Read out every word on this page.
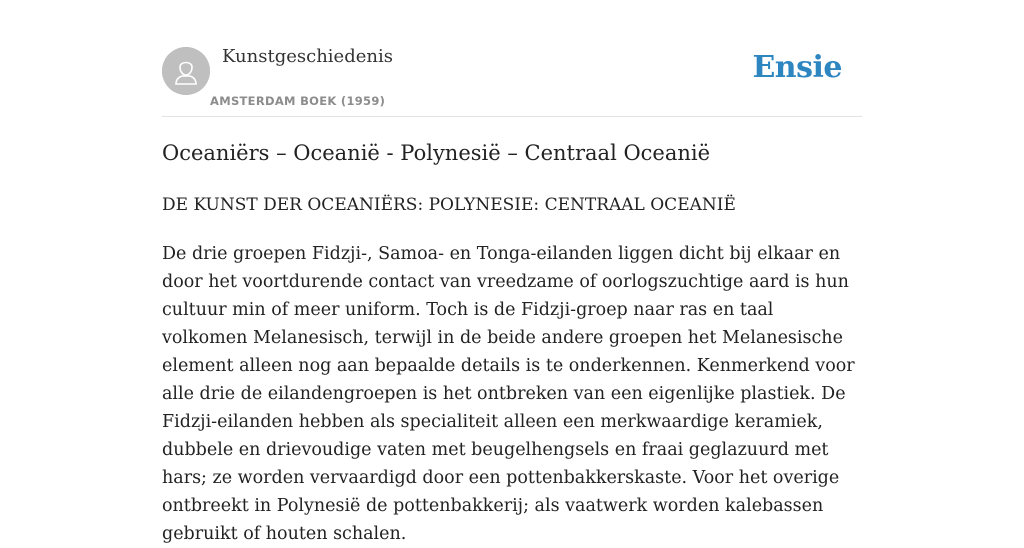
Kunstgeschiedenis
AMSTERDAM BOEK (1959)
Ensie
Oceaniërs – Oceanië - Polynesië – Centraal Oceanië
DE KUNST DER OCEANIËRS: POLYNESIE: CENTRAAL OCEANIË

De drie groepen Fidzji-, Samoa- en Tonga-eilanden liggen dicht bij elkaar en door het voortdurende contact van vreedzame of oorlogszuchtige aard is hun cultuur min of meer uniform. Toch is de Fidzji-groep naar ras en taal volkomen Melanesisch, terwijl in de beide andere groepen het Melanesische element alleen nog aan bepaalde details is te onderkennen. Kenmerkend voor alle drie de eilandengroepen is het ontbreken van een eigenlijke plastiek. De Fidzji-eilanden hebben als specialiteit alleen een merkwaardige keramiek, dubbele en drievoudige vaten met beugelhengsels en fraai geglazuurd met hars; ze worden vervaardigd door een pottenbakkerskaste. Voor het overige ontbreekt in Polynesië de pottenbakkerij; als vaatwerk worden kalebassen gebruikt of houten schalen.
